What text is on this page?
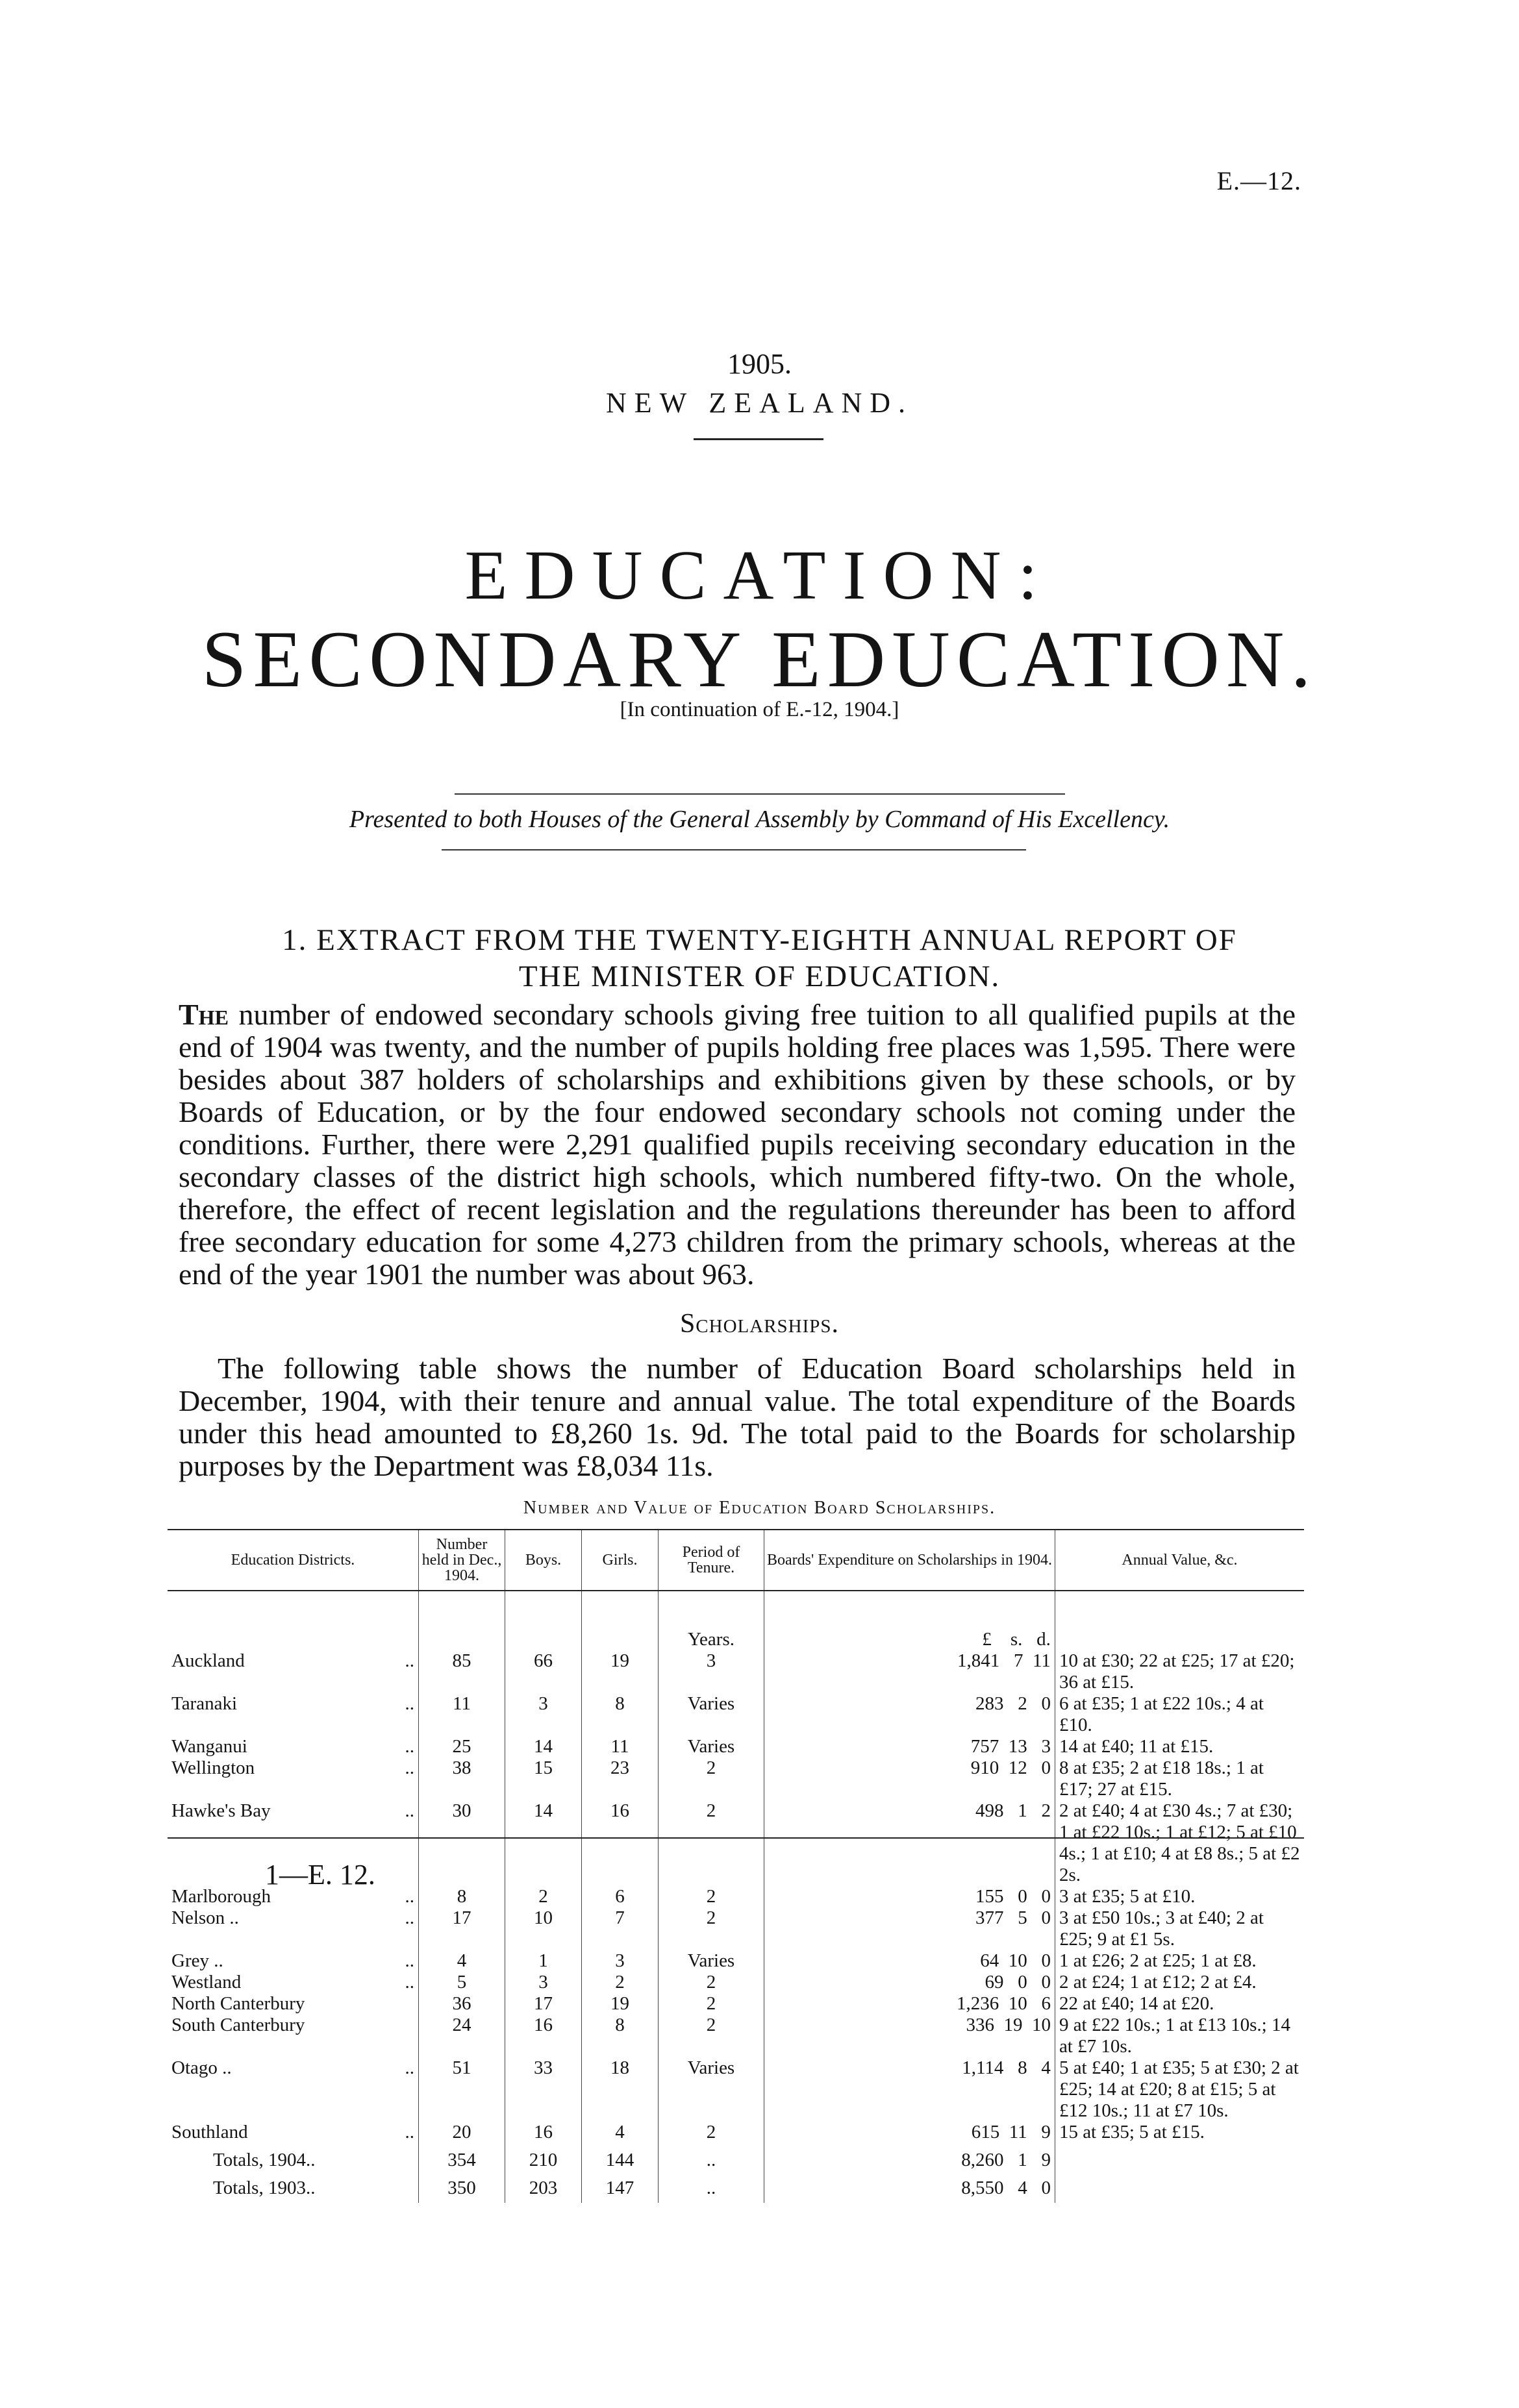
E.—12.
1905.
NEW ZEALAND.
EDUCATION:
SECONDARY EDUCATION.
[In continuation of E.-12, 1904.]
Presented to both Houses of the General Assembly by Command of His Excellency.
1. EXTRACT FROM THE TWENTY-EIGHTH ANNUAL REPORT OF
THE MINISTER OF EDUCATION.
The number of endowed secondary schools giving free tuition to all qualified pupils at the end of 1904 was twenty, and the number of pupils holding free places was 1,595. There were besides about 387 holders of scholarships and exhibitions given by these schools, or by Boards of Education, or by the four endowed secondary schools not coming under the conditions. Further, there were 2,291 qualified pupils receiving secondary education in the secondary classes of the district high schools, which numbered fifty-two. On the whole, therefore, the effect of recent legislation and the regulations thereunder has been to afford free secondary education for some 4,273 children from the primary schools, whereas at the end of the year 1901 the number was about 963.
Scholarships.
The following table shows the number of Education Board scholarships held in December, 1904, with their tenure and annual value. The total expenditure of the Boards under this head amounted to £8,260 1s. 9d. The total paid to the Boards for scholarship purposes by the Department was £8,034 11s.
Number and Value of Education Board Scholarships.
Education Districts.	Number held in Dec., 1904.	Boys.	Girls.	Period of Tenure.	Boards' Expenditure on Scholarships in 1904.	Annual Value, &c.
				Years.	£    s.   d.	
Auckland ..	85	66	19	3	1,841   7  11	10 at £30; 22 at £25; 17 at £20; 36 at £15.
Taranaki ..	11	3	8	Varies	283   2   0	6 at £35; 1 at £22 10s.; 4 at £10.
Wanganui ..	25	14	11	Varies	757  13   3	14 at £40; 11 at £15.
Wellington ..	38	15	23	2	910  12   0	8 at £35; 2 at £18 18s.; 1 at £17; 27 at £15.
Hawke's Bay ..	30	14	16	2	498   1   2	2 at £40; 4 at £30 4s.; 7 at £30; 1 at £22 10s.; 1 at £12; 5 at £10 4s.; 1 at £10; 4 at £8 8s.; 5 at £2 2s.
Marlborough ..	8	2	6	2	155   0   0	3 at £35; 5 at £10.
Nelson .. ..	17	10	7	2	377   5   0	3 at £50 10s.; 3 at £40; 2 at £25; 9 at £1 5s.
Grey .. ..	4	1	3	Varies	64  10   0	1 at £26; 2 at £25; 1 at £8.
Westland ..	5	3	2	2	69   0   0	2 at £24; 1 at £12; 2 at £4.
North Canterbury	36	17	19	2	1,236  10   6	22 at £40; 14 at £20.
South Canterbury	24	16	8	2	336  19  10	9 at £22 10s.; 1 at £13 10s.; 14 at £7 10s.
Otago .. ..	51	33	18	Varies	1,114   8   4	5 at £40; 1 at £35; 5 at £30; 2 at £25; 14 at £20; 8 at £15; 5 at £12 10s.; 11 at £7 10s.
Southland ..	20	16	4	2	615  11   9	15 at £35; 5 at £15.
Totals, 1904..	354	210	144	..	8,260   1   9	
Totals, 1903..	350	203	147	..	8,550   4   0	
1—E. 12.
